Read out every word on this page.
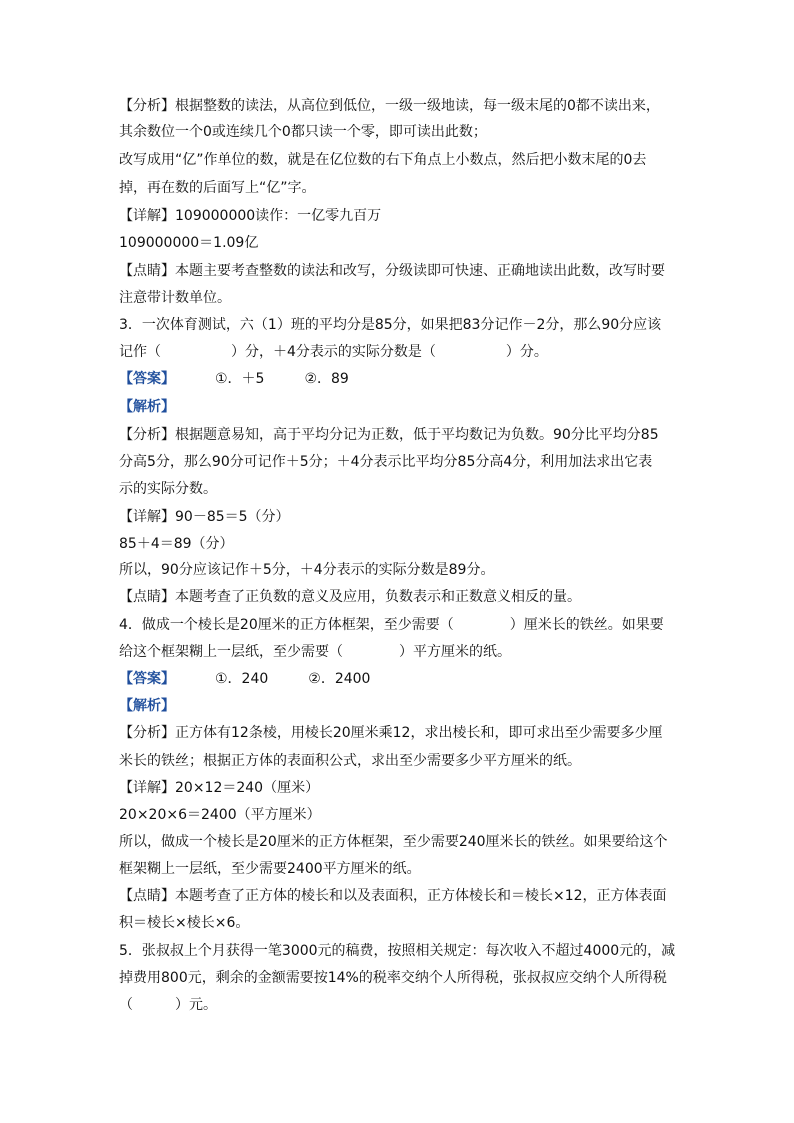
【分析】根据整数的读法，从高位到低位，一级一级地读，每一级末尾的0都不读出来，
其余数位一个0或连续几个0都只读一个零，即可读出此数；
改写成用“亿”作单位的数，就是在亿位数的右下角点上小数点，然后把小数末尾的0去
掉，再在数的后面写上“亿”字。
【详解】109000000读作：一亿零九百万
109000000＝1.09亿
【点睛】本题主要考查整数的读法和改写，分级读即可快速、正确地读出此数，改写时要
注意带计数单位。
3．一次体育测试，六（1）班的平均分是85分，如果把83分记作－2分，那么90分应该
记作（　　　　　）分，＋4分表示的实际分数是（　　　　　）分。
【答案】	①．＋5	②．89
【解析】
【分析】根据题意易知，高于平均分记为正数，低于平均数记为负数。90分比平均分85
分高5分，那么90分可记作＋5分；＋4分表示比平均分85分高4分，利用加法求出它表
示的实际分数。
【详解】90－85＝5（分）
85＋4＝89（分）
所以，90分应该记作＋5分，＋4分表示的实际分数是89分。
【点睛】本题考查了正负数的意义及应用，负数表示和正数意义相反的量。
4．做成一个棱长是20厘米的正方体框架，至少需要（　　　　）厘米长的铁丝。如果要
给这个框架糊上一层纸，至少需要（　　　　）平方厘米的纸。
【答案】	①．240	②．2400
【解析】
【分析】正方体有12条棱，用棱长20厘米乘12，求出棱长和，即可求出至少需要多少厘
米长的铁丝；根据正方体的表面积公式，求出至少需要多少平方厘米的纸。
【详解】20×12＝240（厘米）
20×20×6＝2400（平方厘米）
所以，做成一个棱长是20厘米的正方体框架，至少需要240厘米长的铁丝。如果要给这个
框架糊上一层纸，至少需要2400平方厘米的纸。
【点睛】本题考查了正方体的棱长和以及表面积，正方体棱长和＝棱长×12，正方体表面
积＝棱长×棱长×6。
5．张叔叔上个月获得一笔3000元的稿费，按照相关规定：每次收入不超过4000元的，减
掉费用800元，剩余的金额需要按14%的税率交纳个人所得税，张叔叔应交纳个人所得税
（　　　）元。
